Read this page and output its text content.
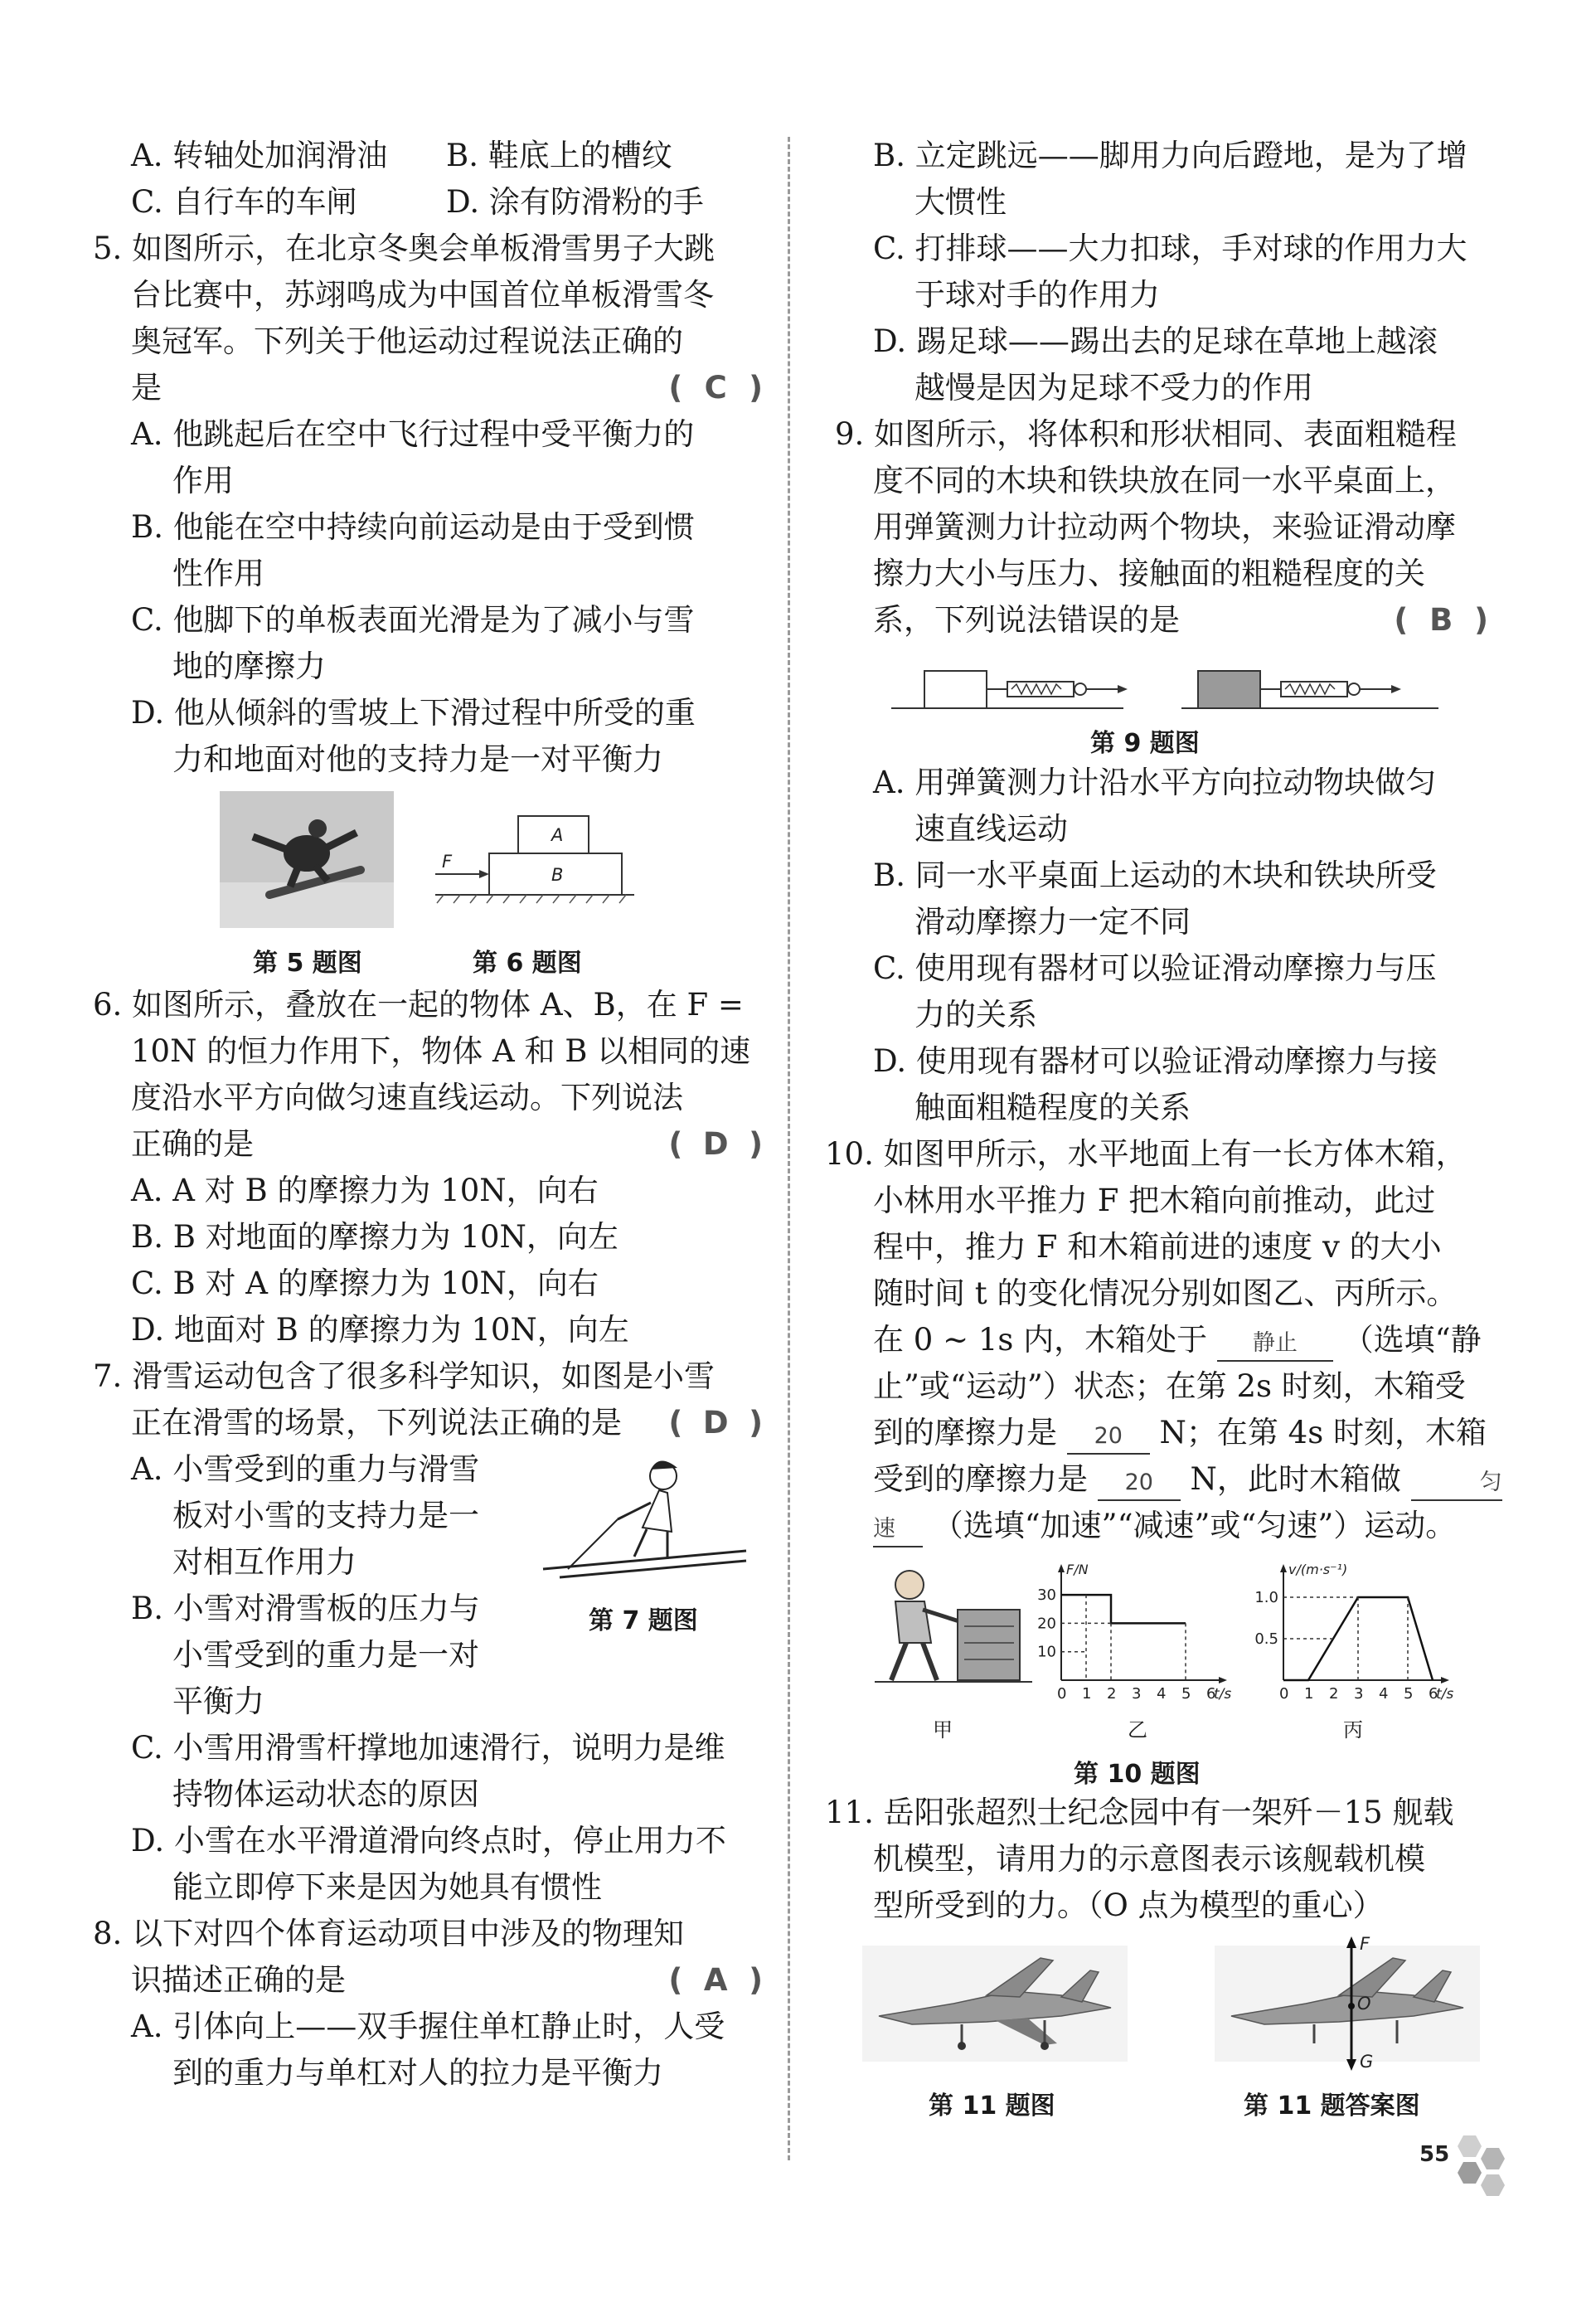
A. 转轴处加润滑油 B. 鞋底上的槽纹
C. 自行车的车闸	D. 涂有防滑粉的手
5. 如图所示，在北京冬奥会单板滑雪男子大跳
台比赛中，苏翊鸣成为中国首位单板滑雪冬
奥冠军。下列关于他运动过程说法正确的
是	( C )
A. 他跳起后在空中飞行过程中受平衡力的
作用
B. 他能在空中持续向前运动是由于受到惯
性作用
C. 他脚下的单板表面光滑是为了减小与雪
地的摩擦力
D. 他从倾斜的雪坡上下滑过程中所受的重
力和地面对他的支持力是一对平衡力
A
B
F
第 5 题图	第 6 题图
6. 如图所示，叠放在一起的物体 A、B，在 F =
10N 的恒力作用下，物体 A 和 B 以相同的速
度沿水平方向做匀速直线运动。下列说法
正确的是	( D )
A. A 对 B 的摩擦力为 10N，向右
B. B 对地面的摩擦力为 10N，向左
C. B 对 A 的摩擦力为 10N，向右
D. 地面对 B 的摩擦力为 10N，向左
7. 滑雪运动包含了很多科学知识，如图是小雪
正在滑雪的场景，下列说法正确的是 ( D )
第 7 题图
A. 小雪受到的重力与滑雪
板对小雪的支持力是一
对相互作用力
B. 小雪对滑雪板的压力与
小雪受到的重力是一对
平衡力
C. 小雪用滑雪杆撑地加速滑行，说明力是维
持物体运动状态的原因
D. 小雪在水平滑道滑向终点时，停止用力不
能立即停下来是因为她具有惯性
8. 以下对四个体育运动项目中涉及的物理知
识描述正确的是	( A )
A. 引体向上——双手握住单杠静止时，人受
到的重力与单杠对人的拉力是平衡力
B. 立定跳远——脚用力向后蹬地，是为了增
大惯性
C. 打排球——大力扣球，手对球的作用力大
于球对手的作用力
D. 踢足球——踢出去的足球在草地上越滚
越慢是因为足球不受力的作用
9. 如图所示，将体积和形状相同、表面粗糙程
度不同的木块和铁块放在同一水平桌面上，
用弹簧测力计拉动两个物块，来验证滑动摩
擦力大小与压力、接触面的粗糙程度的关
系，下列说法错误的是	( B )
第 9 题图
A. 用弹簧测力计沿水平方向拉动物块做匀
速直线运动
B. 同一水平桌面上运动的木块和铁块所受
滑动摩擦力一定不同
C. 使用现有器材可以验证滑动摩擦力与压
力的关系
D. 使用现有器材可以验证滑动摩擦力与接
触面粗糙程度的关系
10. 如图甲所示，水平地面上有一长方体木箱，
小林用水平推力 F 把木箱向前推动，此过
程中，推力 F 和木箱前进的速度 v 的大小
随时间 t 的变化情况分别如图乙、丙所示。
在 0 ~ 1s 内，木箱处于 静止 （选填“静
止”或“运动”）状态；在第 2s 时刻，木箱受
到的摩擦力是 20 N；在第 4s 时刻，木箱
受到的摩擦力是 20 N，此时木箱做	匀
速 （选填“加速”“减速”或“匀速”）运动。
甲
F/N
t/s
0 1 2 3 4 5 6
10
20
30
乙
v/(m·s⁻¹)
t/s
0 1 2 3 4 5 6
0.5
1.0
丙
第 10 题图
11. 岳阳张超烈士纪念园中有一架歼－15 舰载
机模型，请用力的示意图表示该舰载机模
型所受到的力。（O 点为模型的重心）
F
O
G
第 11 题图	第 11 题答案图
55
